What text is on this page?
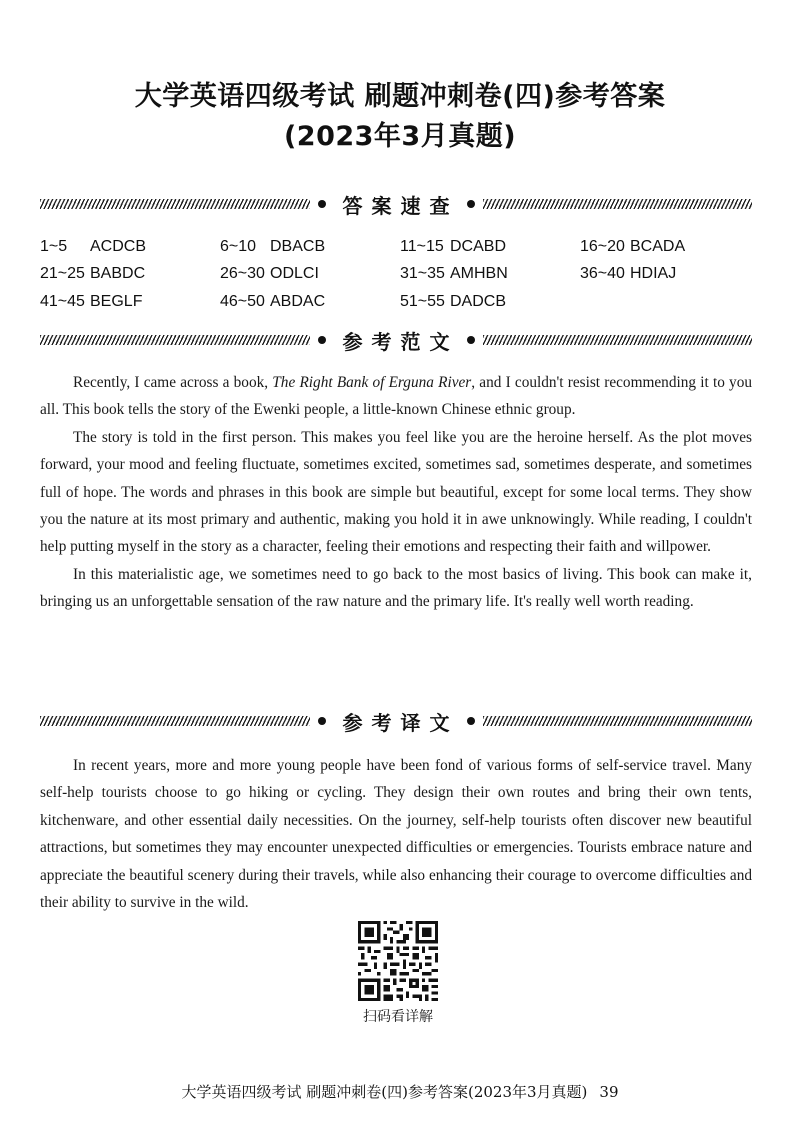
大学英语四级考试 刷题冲刺卷(四)参考答案
(2023年3月真题)
答案速查
1~5 ACDCB	6~10 DBACB	11~15 DCABD	16~20 BCADA
21~25 BABDC	26~30 ODLCI	31~35 AMHBN	36~40 HDIAJ
41~45 BEGLF	46~50 ABDAC	51~55 DADCB
参考范文

Recently, I came across a book, The Right Bank of Erguna River, and I couldn't resist recommending it to you all. This book tells the story of the Ewenki people, a little-known Chinese ethnic group.

The story is told in the first person. This makes you feel like you are the heroine herself. As the plot moves forward, your mood and feeling fluctuate, sometimes excited, sometimes sad, sometimes desperate, and sometimes full of hope. The words and phrases in this book are simple but beautiful, except for some local terms. They show you the nature at its most primary and authentic, making you hold it in awe unknowingly. While reading, I couldn't help putting myself in the story as a character, feeling their emotions and respecting their faith and willpower.

In this materialistic age, we sometimes need to go back to the most basics of living. This book can make it, bringing us an unforgettable sensation of the raw nature and the primary life. It's really well worth reading.

参考译文

In recent years, more and more young people have been fond of various forms of self-service travel. Many self-help tourists choose to go hiking or cycling. They design their own routes and bring their own tents, kitchenware, and other essential daily necessities. On the journey, self-help tourists often discover new beautiful attractions, but sometimes they may encounter unexpected difficulties or emergencies. Tourists embrace nature and appreciate the beautiful scenery during their travels, while also enhancing their courage to overcome difficulties and their ability to survive in the wild.

扫码看详解
大学英语四级考试 刷题冲刺卷(四)参考答案(2023年3月真题) 39
